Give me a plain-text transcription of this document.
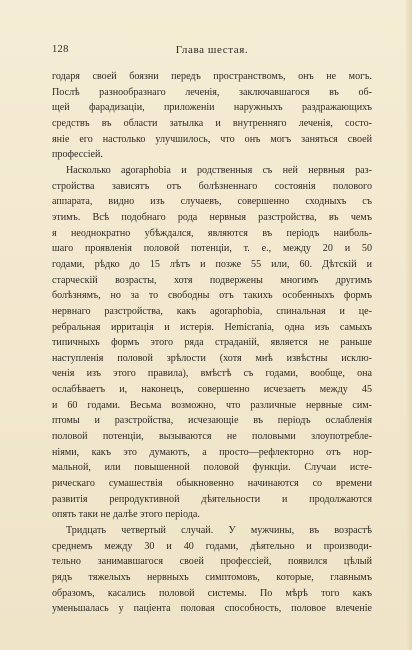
128	Глава шестая.
годаря своей боязни передъ пространствомъ, онъ не могъ.
Послѣ разнообразнаго леченія, заключавшагося въ об-
щей фарадизаціи, приложеніи наружныхъ раздражающихъ
средствъ въ области затылка и внутренняго леченія, состо-
яніе его настолько улучшилось, что онъ могъ заняться своей
профессіей.
Насколько agoraphobia и родственныя съ ней нервныя раз-
стройства зависятъ отъ болѣзненнаго состоянія полового
аппарата, видно изъ случаевъ, совершенно сходныхъ съ
этимъ. Всѣ подобнаго рода нервныя разстройства, въ чемъ
я неоднократно убѣждался, являются въ періодъ наиболь-
шаго проявленія половой потенціи, т. е., между 20 и 50
годами, рѣдко до 15 лѣтъ и позже 55 или, 60. Дѣтскій и
старческій возрасты, хотя подвержены многимъ другимъ
болѣзнямъ, но за то свободны отъ такихъ особенныхъ формъ
нервнаго разстройства, какъ agoraphobia, спинальная и це-
ребральная ирритація и истерія. Hemicrania, одна изъ самыхъ
типичныхъ формъ этого ряда страданій, является не раньше
наступленія половой зрѣлости (хотя мнѣ извѣстны исклю-
ченія изъ этого правила), вмѣстѣ съ годами, вообще, она
ослабѣваетъ и, наконецъ, совершенно исчезаетъ между 45
и 60 годами. Весьма возможно, что различные нервные сим-
птомы и разстройства, исчезающіе въ періодъ ослабленія
половой потенціи, вызываются не половыми злоупотребле-
ніями, какъ это думаютъ, а просто—рефлекторно отъ нор-
мальной, или повышенной половой функціи. Случаи исте-
рическаго сумашествія обыкновенно начинаются со времени
развитія репродуктивной дѣятельности и продолжаются
опять таки не далѣе этого періода.
Тридцать четвертый случай. У мужчины, въ возрастѣ
среднемъ между 30 и 40 годами, дѣятельно и производи-
тельно занимавшагося своей профессіей, появился цѣлый
рядъ тяжелыхъ нервныхъ симптомовъ, которые, главнымъ
образомъ, касались половой системы. По мѣрѣ того какъ
уменьшалась у паціента половая способность, половое влеченіе
